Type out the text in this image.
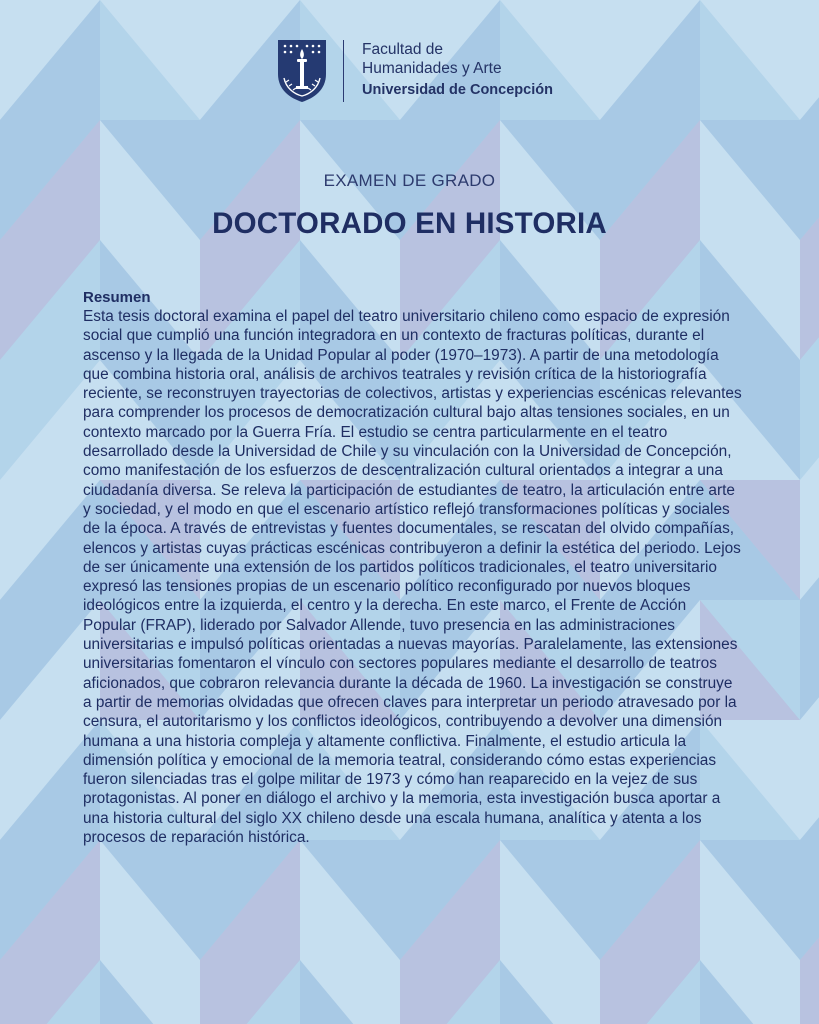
Facultad de
Humanidades y Arte
Universidad de Concepción
EXAMEN DE GRADO
DOCTORADO EN HISTORIA
Resumen

Esta tesis doctoral examina el papel del teatro universitario chileno como espacio de expresión social que cumplió una función integradora en un contexto de fracturas políticas, durante el ascenso y la llegada de la Unidad Popular al poder (1970–1973). A partir de una metodología que combina historia oral, análisis de archivos teatrales y revisión crítica de la historiografía reciente, se reconstruyen trayectorias de colectivos, artistas y experiencias escénicas relevantes para comprender los procesos de democratización cultural bajo altas tensiones sociales, en un contexto marcado por la Guerra Fría. El estudio se centra particularmente en el teatro desarrollado desde la Universidad de Chile y su vinculación con la Universidad de Concepción, como manifestación de los esfuerzos de descentralización cultural orientados a integrar a una ciudadanía diversa. Se releva la participación de estudiantes de teatro, la articulación entre arte y sociedad, y el modo en que el escenario artístico reflejó transformaciones políticas y sociales de la época. A través de entrevistas y fuentes documentales, se rescatan del olvido compañías, elencos y artistas cuyas prácticas escénicas contribuyeron a definir la estética del periodo. Lejos de ser únicamente una extensión de los partidos políticos tradicionales, el teatro universitario expresó las tensiones propias de un escenario político reconfigurado por nuevos bloques ideológicos entre la izquierda, el centro y la derecha. En este marco, el Frente de Acción Popular (FRAP), liderado por Salvador Allende, tuvo presencia en las administraciones universitarias e impulsó políticas orientadas a nuevas mayorías. Paralelamente, las extensiones universitarias fomentaron el vínculo con sectores populares mediante el desarrollo de teatros aficionados, que cobraron relevancia durante la década de 1960. La investigación se construye a partir de memorias olvidadas que ofrecen claves para interpretar un periodo atravesado por la censura, el autoritarismo y los conflictos ideológicos, contribuyendo a devolver una dimensión humana a una historia compleja y altamente conflictiva. Finalmente, el estudio articula la dimensión política y emocional de la memoria teatral, considerando cómo estas experiencias fueron silenciadas tras el golpe militar de 1973 y cómo han reaparecido en la vejez de sus protagonistas. Al poner en diálogo el archivo y la memoria, esta investigación busca aportar a una historia cultural del siglo XX chileno desde una escala humana, analítica y atenta a los procesos de reparación histórica.
